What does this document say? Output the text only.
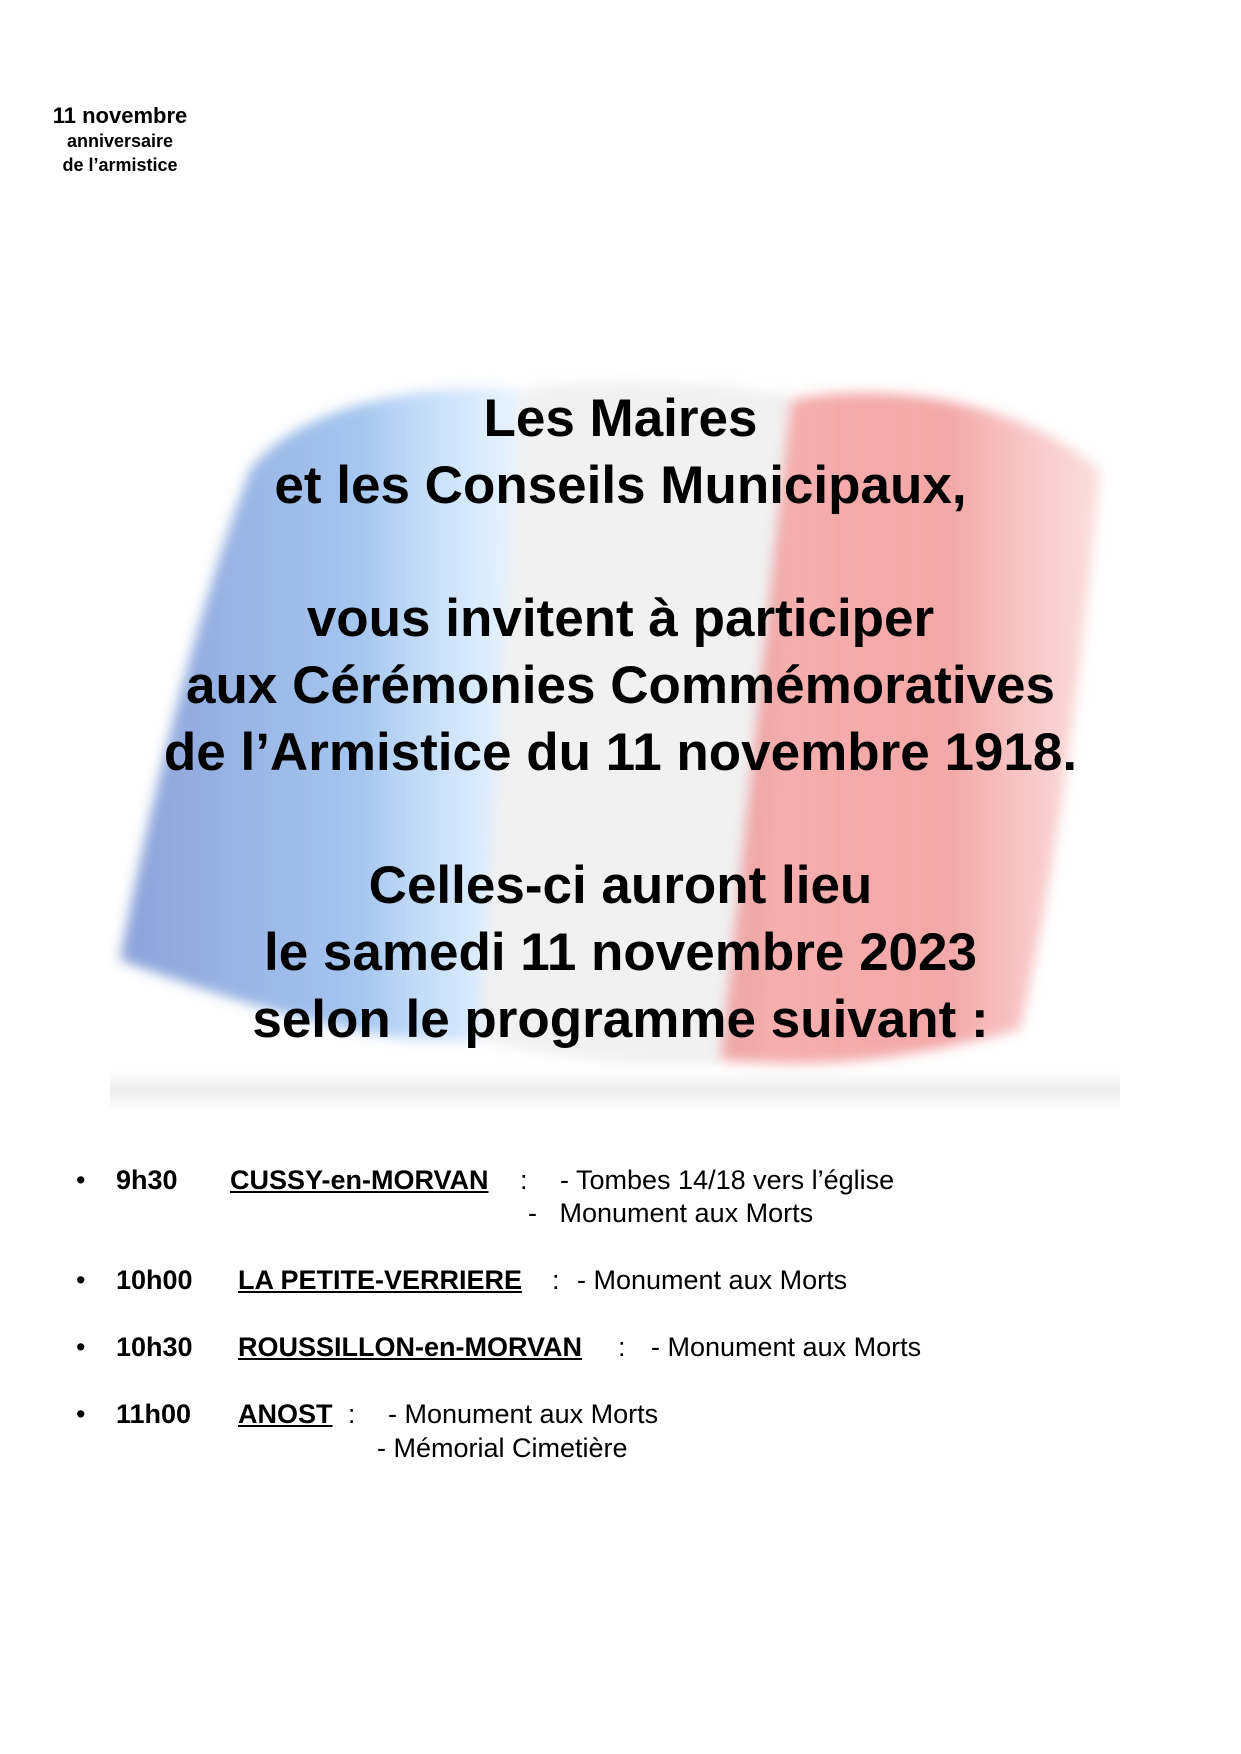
11 novembre
anniversaire
de l’armistice
Les Maires
et les Conseils Municipaux,
vous invitent à participer
aux Cérémonies Commémoratives
de l’Armistice du 11 novembre 1918.
Celles-ci auront lieu
le samedi 11 novembre 2023
selon le programme suivant :
• 9h30 CUSSY-en-MORVAN : - Tombes 14/18 vers l’église
-   Monument aux Morts
• 10h00 LA PETITE-VERRIERE : - Monument aux Morts
• 10h30 ROUSSILLON-en-MORVAN : - Monument aux Morts
• 11h00 ANOST : - Monument aux Morts
- Mémorial Cimetière
